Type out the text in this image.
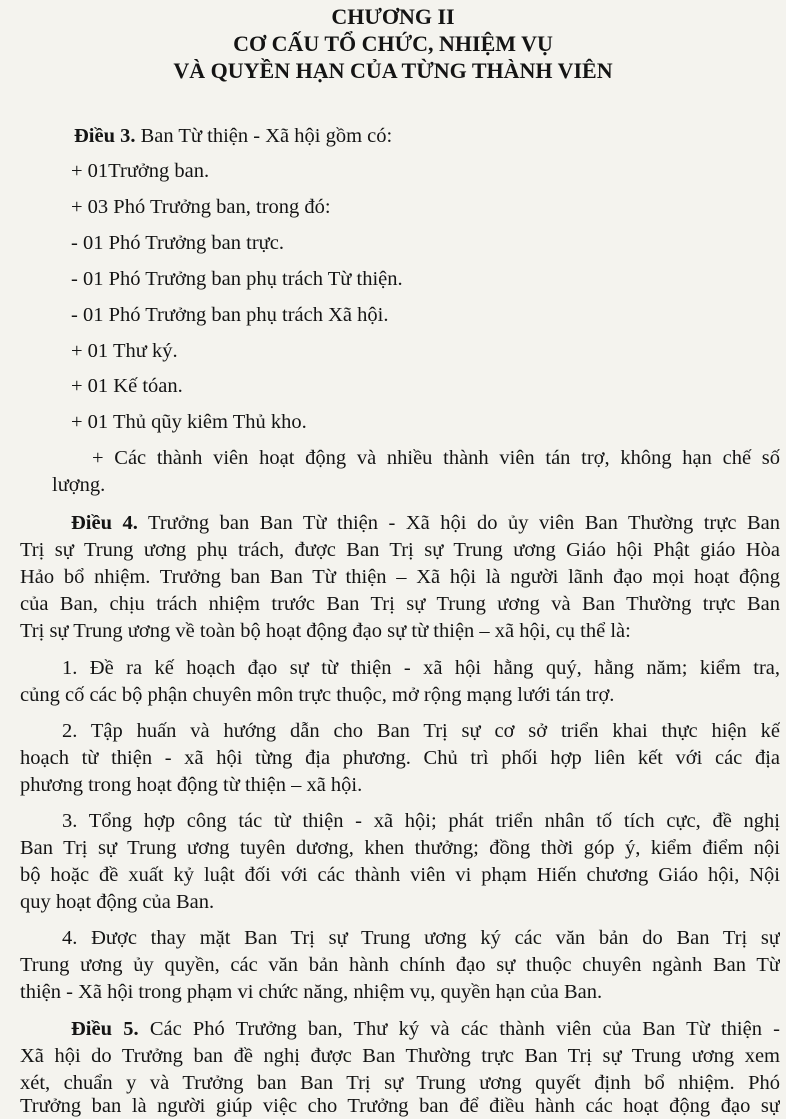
CHƯƠNG II
CƠ CẤU TỔ CHỨC, NHIỆM VỤ
VÀ QUYỀN HẠN CỦA TỪNG THÀNH VIÊN
Điều 3. Ban Từ thiện - Xã hội gồm có:
+ 01Trưởng ban.
+ 03 Phó Trưởng ban, trong đó:
- 01 Phó Trưởng ban trực.
- 01 Phó Trưởng ban phụ trách Từ thiện.
- 01 Phó Trưởng ban phụ trách Xã hội.
+ 01 Thư ký.
+ 01 Kế tóan.
+ 01 Thủ qũy kiêm Thủ kho.
+ Các thành viên hoạt động và nhiều thành viên tán trợ, không hạn chế số
lượng.
Điều 4. Trưởng ban Ban Từ thiện - Xã hội do ủy viên Ban Thường trực Ban
Trị sự Trung ương phụ trách, được Ban Trị sự Trung ương Giáo hội Phật giáo Hòa
Hảo bổ nhiệm. Trưởng ban Ban Từ thiện – Xã hội là người lãnh đạo mọi hoạt động
của Ban, chịu trách nhiệm trước Ban Trị sự Trung ương và Ban Thường trực Ban
Trị sự Trung ương về toàn bộ hoạt động đạo sự từ thiện – xã hội, cụ thể là:
1. Đề ra kế hoạch đạo sự từ thiện - xã hội hằng quý, hằng năm; kiểm tra,
củng cố các bộ phận chuyên môn trực thuộc, mở rộng mạng lưới tán trợ.
2. Tập huấn và hướng dẫn cho Ban Trị sự cơ sở triển khai thực hiện kế
hoạch từ thiện - xã hội từng địa phương. Chủ trì phối hợp liên kết với các địa
phương trong hoạt động từ thiện – xã hội.
3. Tổng hợp công tác từ thiện - xã hội; phát triển nhân tố tích cực, đề nghị
Ban Trị sự Trung ương tuyên dương, khen thưởng; đồng thời góp ý, kiểm điểm nội
bộ hoặc đề xuất kỷ luật đối với các thành viên vi phạm Hiến chương Giáo hội, Nội
quy hoạt động của Ban.
4. Được thay mặt Ban Trị sự Trung ương ký các văn bản do Ban Trị sự
Trung ương ủy quyền, các văn bản hành chính đạo sự thuộc chuyên ngành Ban Từ
thiện - Xã hội trong phạm vi chức năng, nhiệm vụ, quyền hạn của Ban.
Điều 5. Các Phó Trưởng ban, Thư ký và các thành viên của Ban Từ thiện -
Xã hội do Trưởng ban đề nghị được Ban Thường trực Ban Trị sự Trung ương xem
xét, chuẩn y và Trưởng ban Ban Trị sự Trung ương quyết định bổ nhiệm. Phó
Trưởng ban là người giúp việc cho Trưởng ban để điều hành các hoạt động đạo sự
